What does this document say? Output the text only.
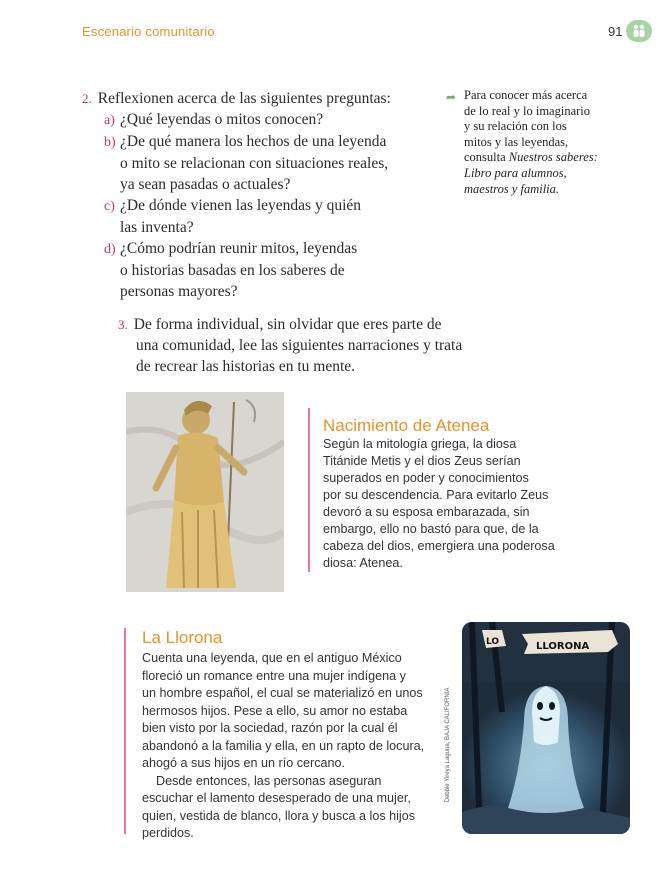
Escenario comunitario	91
2. Reflexionen acerca de las siguientes preguntas:
a) ¿Qué leyendas o mitos conocen?
b) ¿De qué manera los hechos de una leyenda
o mito se relacionan con situaciones reales,
ya sean pasadas o actuales?
c) ¿De dónde vienen las leyendas y quién
las inventa?
d) ¿Cómo podrían reunir mitos, leyendas
o historias basadas en los saberes de
personas mayores?
➦ Para conocer más acerca
de lo real y lo imaginario
y su relación con los
mitos y las leyendas,
consulta Nuestros saberes:
Libro para alumnos,
maestros y familia.
3. De forma individual, sin olvidar que eres parte de
una comunidad, lee las siguientes narraciones y trata
de recrear las historias en tu mente.
Nacimiento de Atenea
Según la mitología griega, la diosa
Titánide Metis y el dios Zeus serían
superados en poder y conocimientos
por su descendencia. Para evitarlo Zeus
devoró a su esposa embarazada, sin
embargo, ello no bastó para que, de la
cabeza del dios, emergiera una poderosa
diosa: Atenea.
La Llorona
Cuenta una leyenda, que en el antiguo México
floreció un romance entre una mujer indígena y
un hombre español, el cual se materializó en unos
hermosos hijos. Pese a ello, su amor no estaba
bien visto por la sociedad, razón por la cual él
abandonó a la familia y ella, en un rapto de locura,
ahogó a sus hijos en un río cercano.
Desde entonces, las personas aseguran
escuchar el lamento desesperado de una mujer,
quien, vestida de blanco, llora y busca a los hijos
perdidos.
Debbie Yireya Laguna, BAJA CALIFORNIA
LO	LLORONA
